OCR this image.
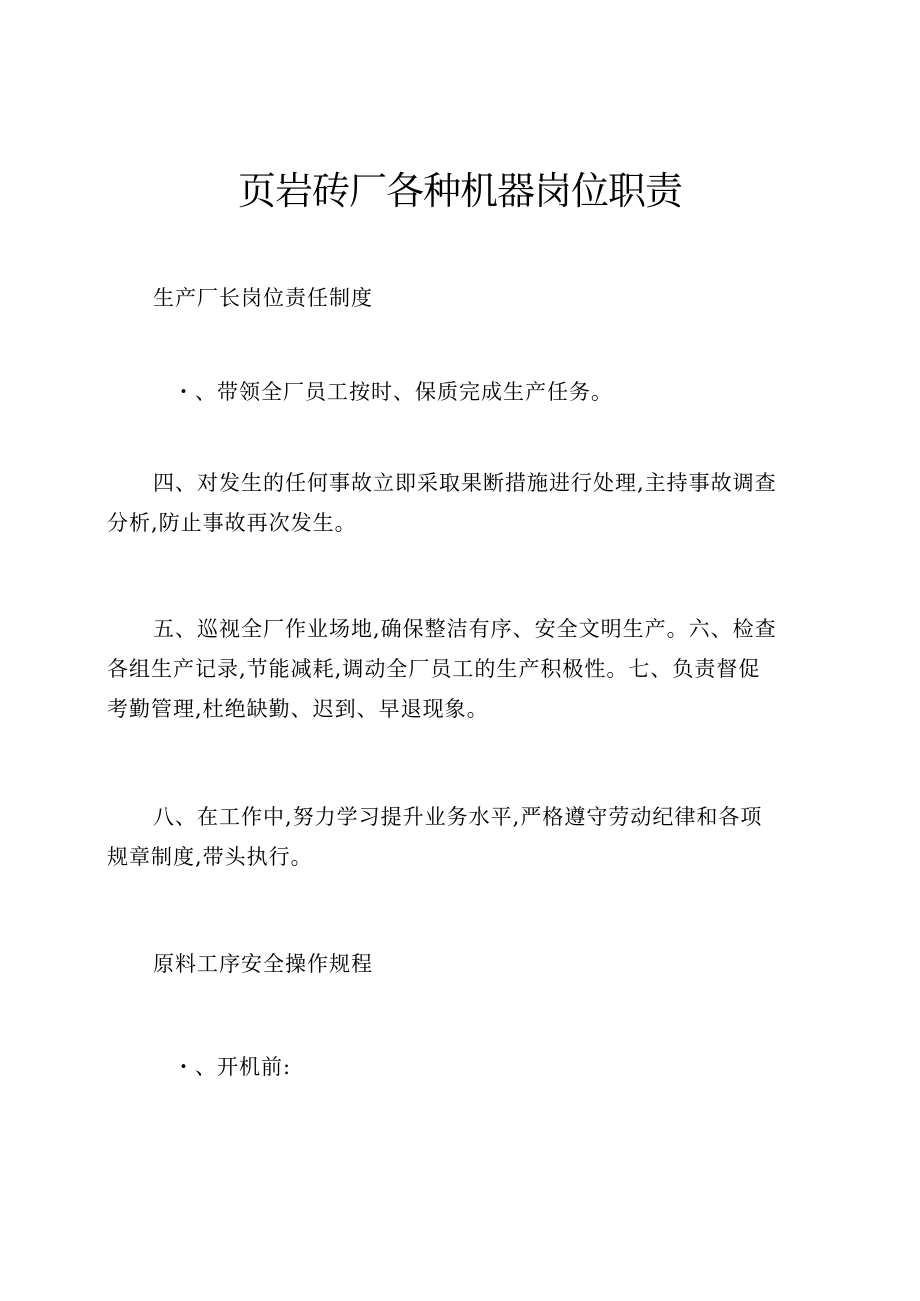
页岩砖厂各种机器岗位职责

生产厂长岗位责任制度

・、带领全厂员工按时、保质完成生产任务。

四、对发生的任何事故立即采取果断措施进行处理,主持事故调查
分析,防止事故再次发生。

五、巡视全厂作业场地,确保整洁有序、安全文明生产。六、检查
各组生产记录,节能减耗,调动全厂员工的生产积极性。七、负责督促
考勤管理,杜绝缺勤、迟到、早退现象。

八、在工作中,努力学习提升业务水平,严格遵守劳动纪律和各项
规章制度,带头执行。

原料工序安全操作规程

・、开机前:
